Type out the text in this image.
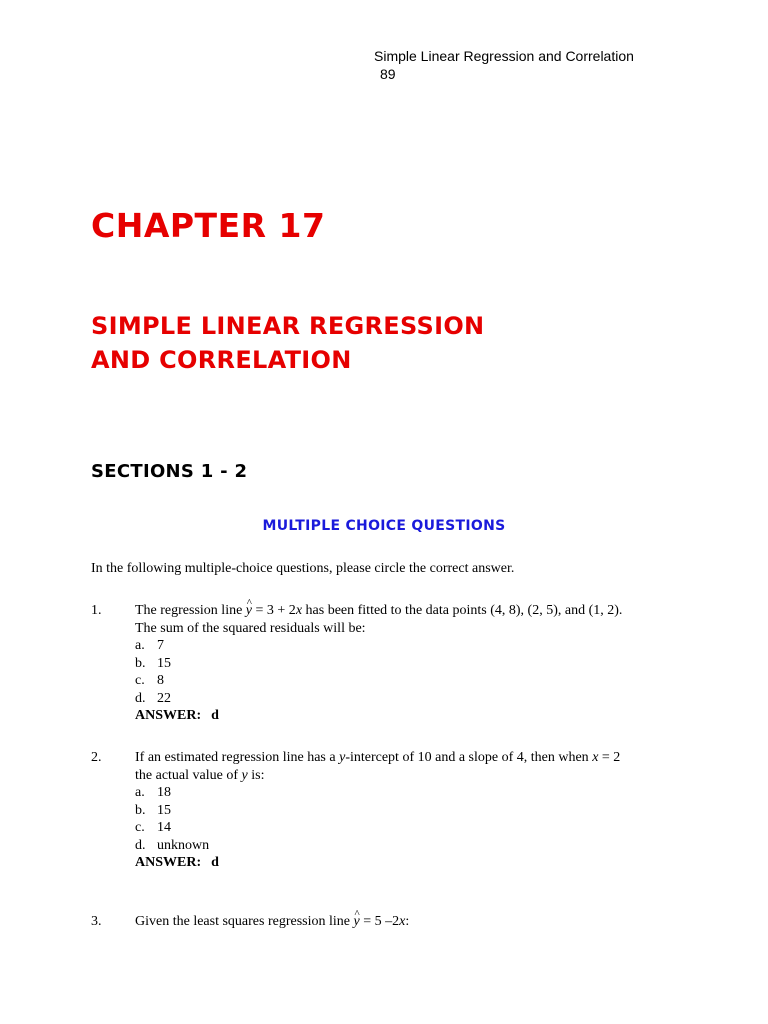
Simple Linear Regression and Correlation
89
CHAPTER 17
SIMPLE LINEAR REGRESSION
AND CORRELATION
SECTIONS 1 - 2
MULTIPLE CHOICE QUESTIONS
In the following multiple-choice questions, please circle the correct answer.
1. The regression line ^ y = 3 + 2x has been fitted to the data points (4, 8), (2, 5), and (1, 2).
The sum of the squared residuals will be:
a. 7
b. 15
c. 8
d. 22
ANSWER: d
2. If an estimated regression line has a y-intercept of 10 and a slope of 4, then when x = 2
the actual value of y is:
a. 18
b. 15
c. 14
d. unknown
ANSWER: d
3. Given the least squares regression line ^ y = 5 –2x:
